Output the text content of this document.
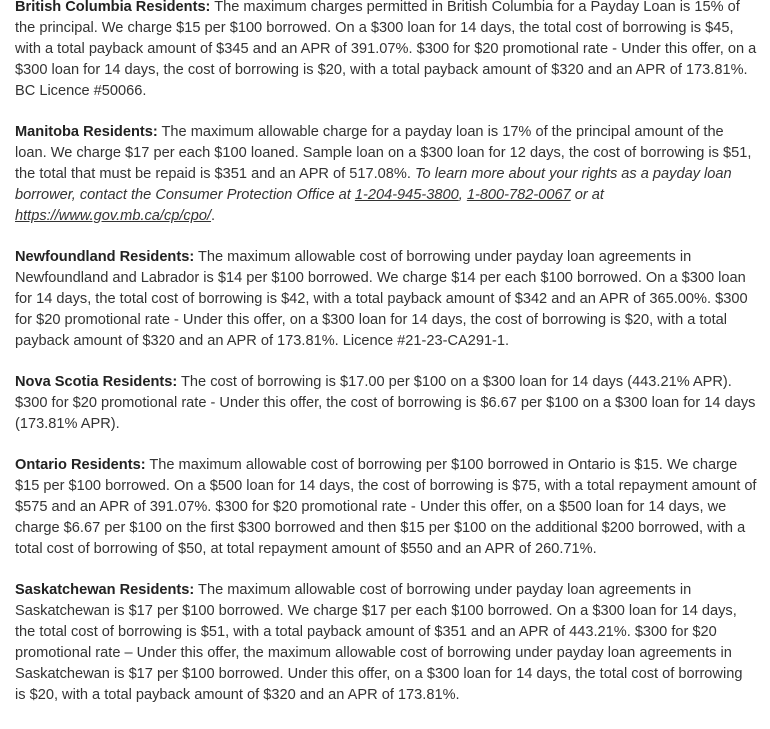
British Columbia Residents: The maximum charges permitted in British Columbia for a Payday Loan is 15% of the principal. We charge $15 per $100 borrowed. On a $300 loan for 14 days, the total cost of borrowing is $45, with a total payback amount of $345 and an APR of 391.07%. $300 for $20 promotional rate - Under this offer, on a $300 loan for 14 days, the cost of borrowing is $20, with a total payback amount of $320 and an APR of 173.81%. BC Licence #50066.

Manitoba Residents: The maximum allowable charge for a payday loan is 17% of the principal amount of the loan. We charge $17 per each $100 loaned. Sample loan on a $300 loan for 12 days, the cost of borrowing is $51, the total that must be repaid is $351 and an APR of 517.08%. To learn more about your rights as a payday loan borrower, contact the Consumer Protection Office at 1-204-945-3800, 1-800-782-0067 or at https://www.gov.mb.ca/cp/cpo/.

Newfoundland Residents: The maximum allowable cost of borrowing under payday loan agreements in Newfoundland and Labrador is $14 per $100 borrowed. We charge $14 per each $100 borrowed. On a $300 loan for 14 days, the total cost of borrowing is $42, with a total payback amount of $342 and an APR of 365.00%. $300 for $20 promotional rate - Under this offer, on a $300 loan for 14 days, the cost of borrowing is $20, with a total payback amount of $320 and an APR of 173.81%. Licence #21-23-CA291-1.

Nova Scotia Residents: The cost of borrowing is $17.00 per $100 on a $300 loan for 14 days (443.21% APR). $300 for $20 promotional rate - Under this offer, the cost of borrowing is $6.67 per $100 on a $300 loan for 14 days (173.81% APR).

Ontario Residents: The maximum allowable cost of borrowing per $100 borrowed in Ontario is $15. We charge $15 per $100 borrowed. On a $500 loan for 14 days, the cost of borrowing is $75, with a total repayment amount of $575 and an APR of 391.07%. $300 for $20 promotional rate - Under this offer, on a $500 loan for 14 days, we charge $6.67 per $100 on the first $300 borrowed and then $15 per $100 on the additional $200 borrowed, with a total cost of borrowing of $50, at total repayment amount of $550 and an APR of 260.71%.

Saskatchewan Residents: The maximum allowable cost of borrowing under payday loan agreements in Saskatchewan is $17 per $100 borrowed. We charge $17 per each $100 borrowed. On a $300 loan for 14 days, the total cost of borrowing is $51, with a total payback amount of $351 and an APR of 443.21%. $300 for $20 promotional rate – Under this offer, the maximum allowable cost of borrowing under payday loan agreements in Saskatchewan is $17 per $100 borrowed. Under this offer, on a $300 loan for 14 days, the total cost of borrowing is $20, with a total payback amount of $320 and an APR of 173.81%.
